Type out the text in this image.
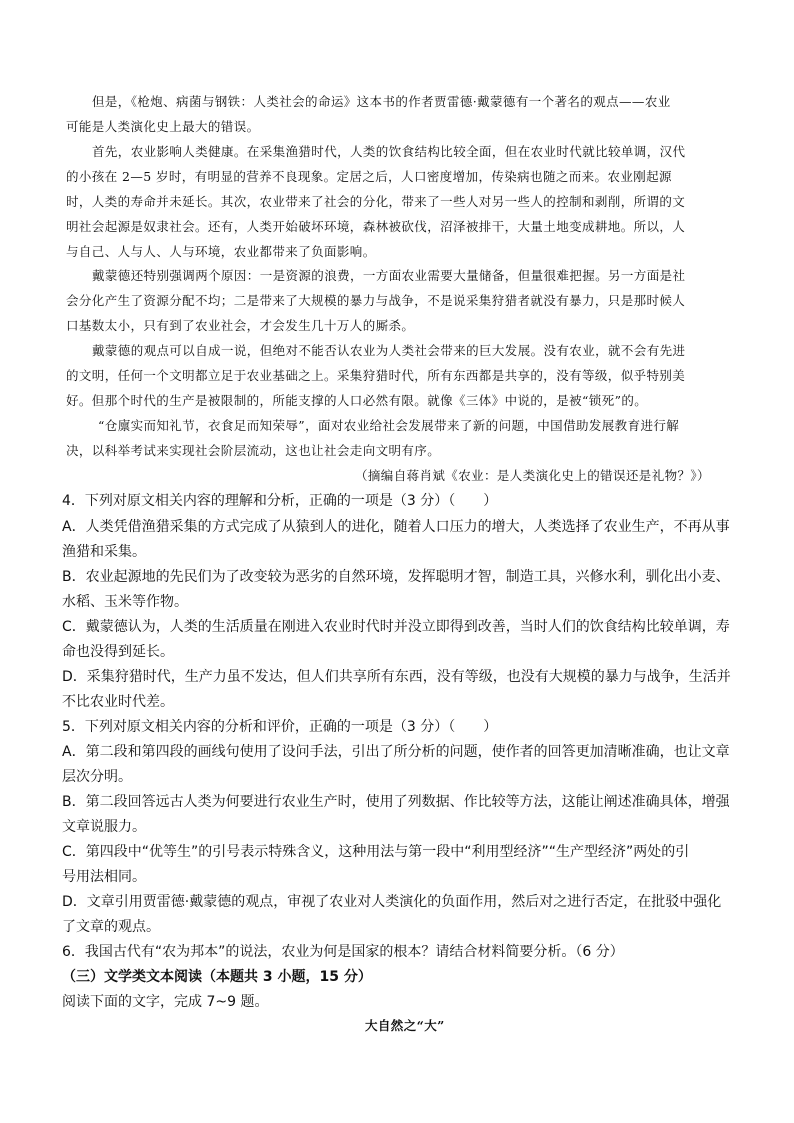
但是，《枪炮、病菌与钢铁：人类社会的命运》这本书的作者贾雷德·戴蒙德有一个著名的观点——农业
可能是人类演化史上最大的错误。
首先，农业影响人类健康。在采集渔猎时代，人类的饮食结构比较全面，但在农业时代就比较单调，汉代
的小孩在 2—5 岁时，有明显的营养不良现象。定居之后，人口密度增加，传染病也随之而来。农业刚起源
时，人类的寿命并未延长。其次，农业带来了社会的分化，带来了一些人对另一些人的控制和剥削，所谓的文
明社会起源是奴隶社会。还有，人类开始破坏环境，森林被砍伐，沼泽被排干，大量土地变成耕地。所以，人
与自己、人与人、人与环境，农业都带来了负面影响。
戴蒙德还特别强调两个原因：一是资源的浪费，一方面农业需要大量储备，但量很难把握。另一方面是社
会分化产生了资源分配不均；二是带来了大规模的暴力与战争，不是说采集狩猎者就没有暴力，只是那时候人
口基数太小，只有到了农业社会，才会发生几十万人的厮杀。
戴蒙德的观点可以自成一说，但绝对不能否认农业为人类社会带来的巨大发展。没有农业，就不会有先进
的文明，任何一个文明都立足于农业基础之上。采集狩猎时代，所有东西都是共享的，没有等级，似乎特别美
好。但那个时代的生产是被限制的，所能支撑的人口必然有限。就像《三体》中说的，是被“锁死”的。
“仓廪实而知礼节，衣食足而知荣辱”，面对农业给社会发展带来了新的问题，中国借助发展教育进行解
决，以科举考试来实现社会阶层流动，这也让社会走向文明有序。
（摘编自蒋肖斌《农业：是人类演化史上的错误还是礼物？》）
4．下列对原文相关内容的理解和分析，正确的一项是（3 分）（　　）
A．人类凭借渔猎采集的方式完成了从猿到人的进化，随着人口压力的增大，人类选择了农业生产，不再从事
渔猎和采集。
B．农业起源地的先民们为了改变较为恶劣的自然环境，发挥聪明才智，制造工具，兴修水利，驯化出小麦、
水稻、玉米等作物。
C．戴蒙德认为，人类的生活质量在刚进入农业时代时并没立即得到改善，当时人们的饮食结构比较单调，寿
命也没得到延长。
D．采集狩猎时代，生产力虽不发达，但人们共享所有东西，没有等级，也没有大规模的暴力与战争，生活并
不比农业时代差。
5．下列对原文相关内容的分析和评价，正确的一项是（3 分）（　　）
A．第二段和第四段的画线句使用了设问手法，引出了所分析的问题，使作者的回答更加清晰准确，也让文章
层次分明。
B．第二段回答远古人类为何要进行农业生产时，使用了列数据、作比较等方法，这能让阐述准确具体，增强
文章说服力。
C．第四段中“优等生”的引号表示特殊含义，这种用法与第一段中“利用型经济”“生产型经济”两处的引
号用法相同。
D．文章引用贾雷德·戴蒙德的观点，审视了农业对人类演化的负面作用，然后对之进行否定，在批驳中强化
了文章的观点。
6．我国古代有“农为邦本”的说法，农业为何是国家的根本？请结合材料简要分析。（6 分）
（三）文学类文本阅读（本题共 3 小题，15 分）
阅读下面的文字，完成 7~9 题。
大自然之“大”
